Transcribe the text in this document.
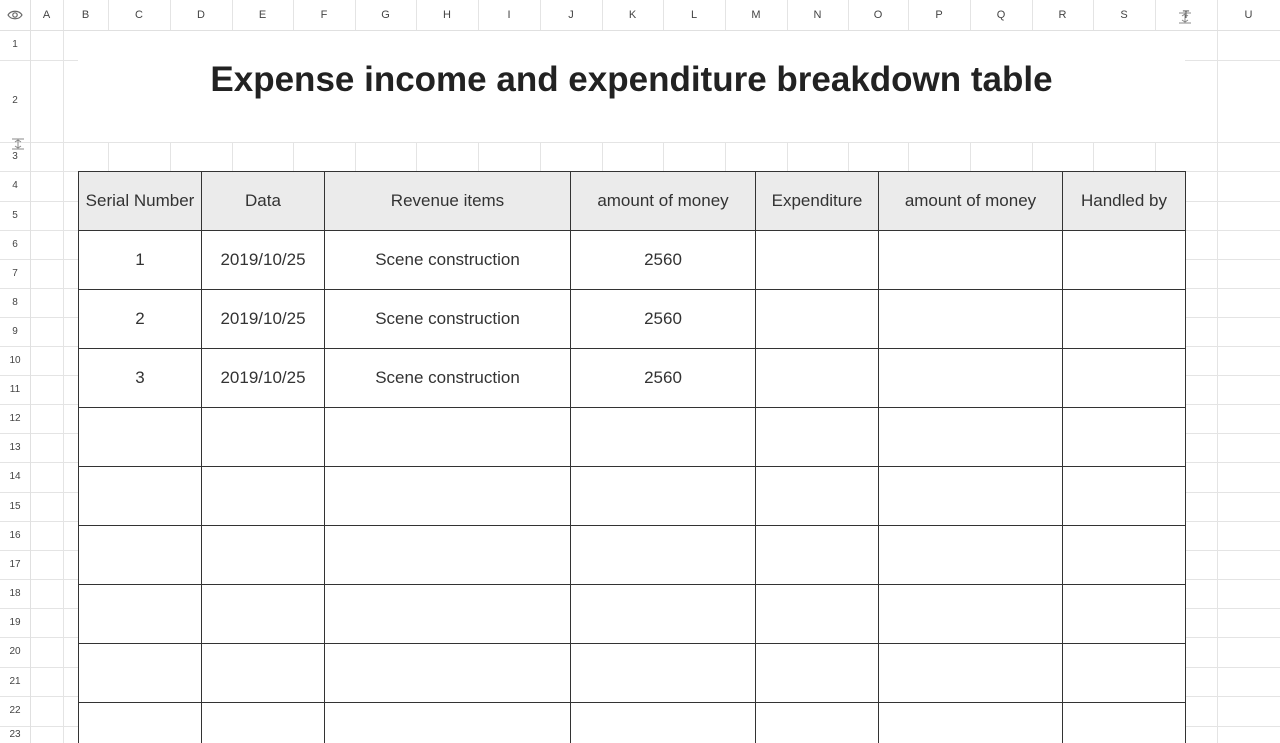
A	B	C	D	E	F	G	H	I	J	K	L	M	N	O	P	Q	R	S	T	U
1
2
3
4
5
6
7
8
9
10
11
12
13
14
15
16
17
18
19
20
21
22
23
Expense income and expenditure breakdown table
Serial Number	Data	Revenue items	amount of money	Expenditure	amount of money	Handled by
1	2019/10/25	Scene construction	2560			
2	2019/10/25	Scene construction	2560			
3	2019/10/25	Scene construction	2560			
